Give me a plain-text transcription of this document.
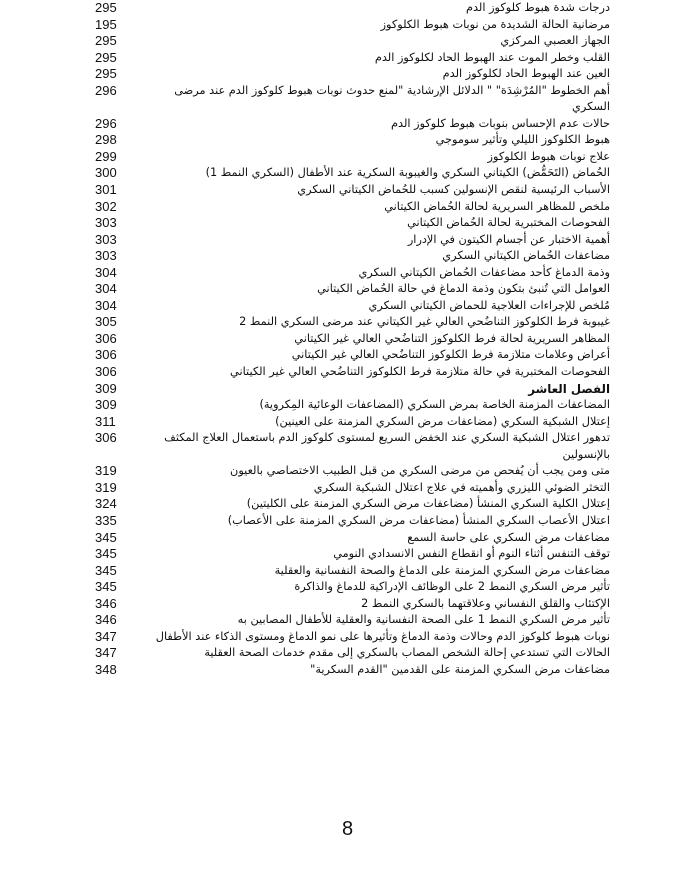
295	درجات شدة هبوط كلوكوز الدم
195	مرضانية الحالة الشديدة من نوبات هبوط الكلوكوز
295	الجهاز العصبي المركزي
295	القلب وخطر الموت عند الهبوط الحاد لكلوكوز الدم
295	العين عند الهبوط الحاد لكلوكوز الدم
296	أهم الخطوط "المُرْشِدَة" " الدلائل الإرشادية "لمنع حدوث نوبات هبوط كلوكوز الدم عند مرضى السكري
296	حالات عدم الإحساس بنوبات هبوط كلوكوز الدم
298	هبوط الكلوكوز الليلي وتأثير سوموجي
299	علاج نوبات هبوط الكلوكوز
300	الحُماض (التَحَمُّض) الكيتاني السكري والغيبوبة السكرية عند الأطفال (السكري النمط 1)
301	الأسباب الرئيسية لنقص الإنسولين كسبب للحُماض الكيتاني السكري
302	ملخص للمظاهر السريرية لحالة الحُماض الكيتاني
303	الفحوصات المختبرية لحالة الحُماض الكيتاني
303	أهمية الاختبار عن أجسام الكيتون في الإدرار
303	مضاعفات الحُماض الكيتاني السكري
304	وذمة الدماغ كأحد مضاعفات الحُماض الكيتاني السكري
304	العوامل التي تُنبئ بتكون وذمة الدماغ في حالة الحُماض الكيتاني
304	مُلخص للإجراءات العلاجية للحماض الكيتاني السكري
305	غيبوبة فرط الكلوكوز التناضُحي العالي غير الكيتاني عند مرضى السكري النمط 2
306	المظاهر السريرية لحالة فرط الكلوكوز التناضُحي العالي غير الكيتاني
306	أعراض وعلامات متلازمة فرط الكلوكوز التناضُحي العالي غير الكيتاني
306	الفحوصات المختبرية في حالة متلازمة فرط الكلوكوز التناضُحي العالي غير الكيتاني
309	الفصل العاشر
309	المضاعفات المزمنة الخاصة بمرض السكري (المضاعفات الوعائية المِكروية)
311	إعتلال الشبكية السكري (مضاعفات مرض السكري المزمنة على العينين)
306	تدهور اعتلال الشبكية السكري عند الخفض السريع لمستوى كلوكوز الدم باستعمال العلاج المكثف بالإنسولين
319	متى ومن يجب أن يُفحص من مرضى السكري من قبل الطبيب الاختصاصي بالعيون
319	التخثر الضوئي الليزري وأهميته في علاج اعتلال الشبكية السكري
324	إعتلال الكلية السكري المنشأ (مضاعفات مرض السكري المزمنة على الكليتين)
335	اعتلال الأعصاب السكري المنشأ (مضاعفات مرض السكري المزمنة على الأعصاب)
345	مضاعفات مرض السكري على حاسة السمع
345	توقف التنفس أثناء النوم أو انقطاع النفس الانسدادي النومي
345	مضاعفات مرض السكري المزمنة على الدماغ والصحة النفسانية والعقلية
345	تأثير مرض السكري النمط 2 على الوظائف الإدراكية للدماغ والذاكرة
346	الإكتئاب والقلق النفساني وعلاقتهما بالسكري النمط 2
346	تأثير مرض السكري النمط 1 على الصحة النفسانية والعقلية للأطفال المصابين به
347	نوبات هبوط كلوكوز الدم وحالات وذمة الدماغ وتأثيرها على نمو الدماغ ومستوى الذكاء عند الأطفال
347	الحالات التي تستدعي إحالة الشخص المصاب بالسكري إلى مقدم خدمات الصحة العقلية
348	مضاعفات مرض السكري المزمنة على القدمين "القدم السكرية"
8
